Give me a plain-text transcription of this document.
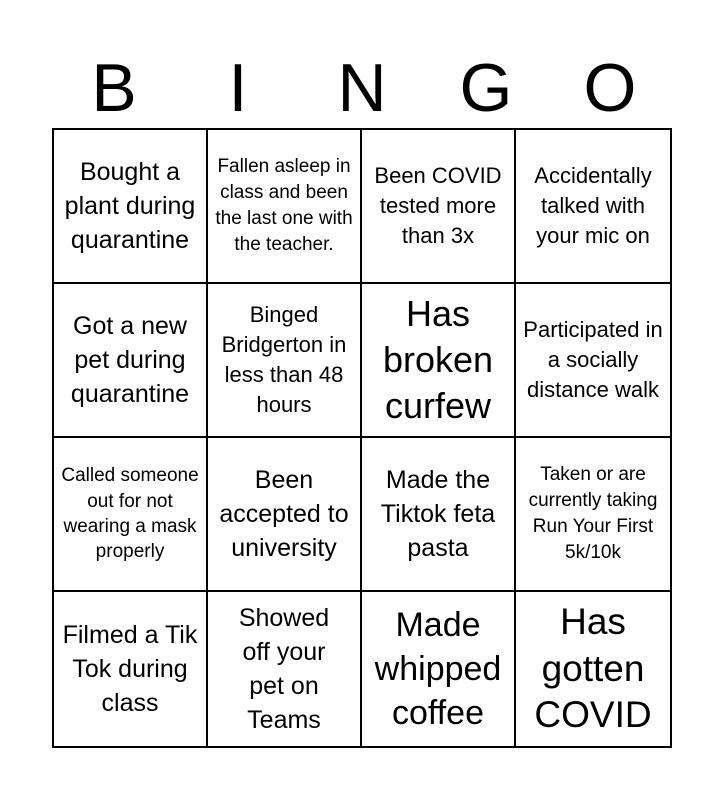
B	I	N	G	O
Bought a plant during quarantine
Fallen asleep in class and been the last one with the teacher.
Been COVID tested more than 3x
Accidentally talked with your mic on
Got a new pet during quarantine
Binged Bridgerton in less than 48 hours
Has broken curfew
Participated in a socially distance walk
Called someone out for not wearing a mask properly
Been accepted to university
Made the Tiktok feta pasta
Taken or are currently taking Run Your First 5k/10k
Filmed a Tik Tok during class
Showed off your pet on Teams
Made whipped coffee
Has gotten COVID
